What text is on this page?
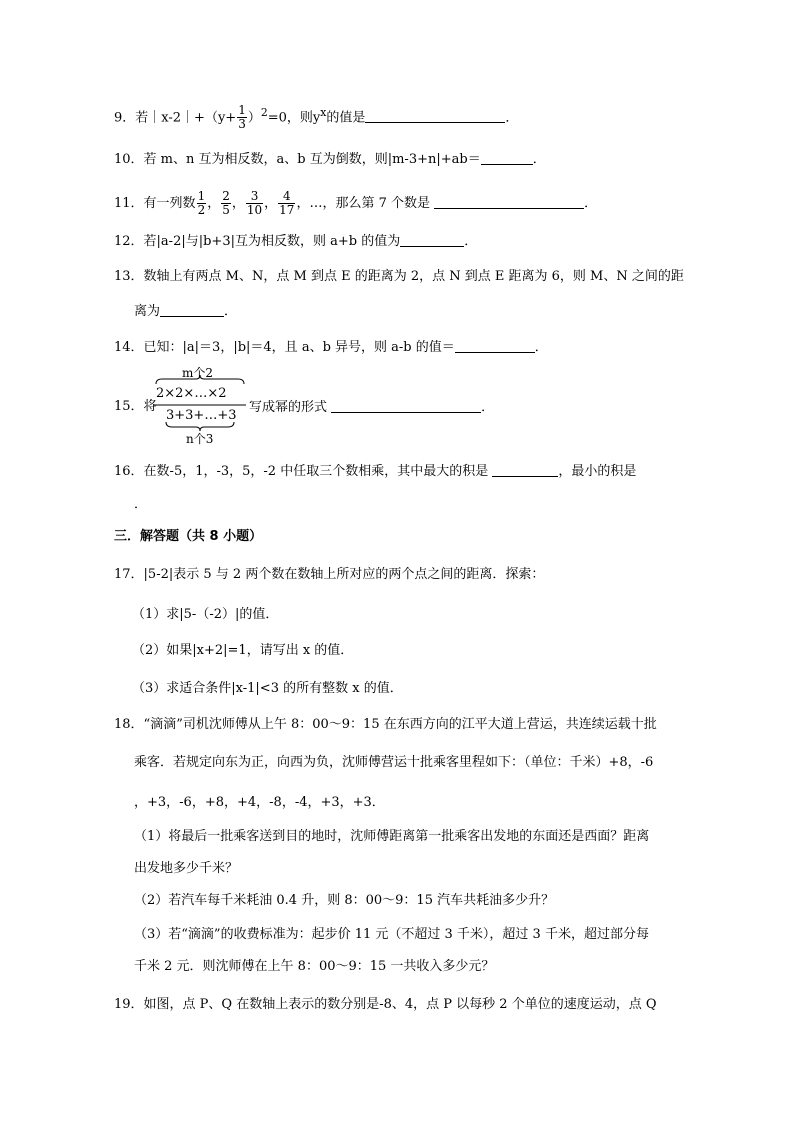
9．若｜x-2｜+（y+ $\frac{1}{3} )^2=0$，则$y^x$的值是	．
10．若 m、n 互为相反数，a、b 互为倒数，则|m-3+n|+ab＝	．
11．有一列数 $\frac{1}{2}$ ， $\frac{2}{5}$ ， $\frac{3}{10}$ ， $\frac{4}{17}$ ，…，那么第 7 个数是	．
12．若|a-2|与|b+3|互为相反数，则 a+b 的值为	．
13．数轴上有两点 M、N，点 M 到点 E 的距离为 2，点 N 到点 E 距离为 6，则 M、N 之间的距
离为	．
14．已知：|a|＝3，|b|＝4，且 a、b 异号，则 a-b 的值＝	．
15．将
m个2
2×2×…×2
3+3+…+3
n个3
写成幂的形式	．
16．在数-5，1，-3，5，-2 中任取三个数相乘，其中最大的积是	，最小的积是
．
三．解答题（共 8 小题）
17．|5-2|表示 5 与 2 两个数在数轴上所对应的两个点之间的距离．探索：
（1）求|5-（-2）|的值．
（2）如果|x+2|=1，请写出 x 的值．
（3）求适合条件|x-1|<3 的所有整数 x 的值．
18．“滴滴”司机沈师傅从上午 8：00～9：15 在东西方向的江平大道上营运，共连续运载十批
乘客．若规定向东为正，向西为负，沈师傅营运十批乘客里程如下：（单位：千米）+8，-6
，+3，-6，+8，+4，-8，-4，+3，+3．
（1）将最后一批乘客送到目的地时，沈师傅距离第一批乘客出发地的东面还是西面？距离
出发地多少千米？
（2）若汽车每千米耗油 0.4 升，则 8：00～9：15 汽车共耗油多少升？
（3）若“滴滴”的收费标准为：起步价 11 元（不超过 3 千米），超过 3 千米，超过部分每
千米 2 元．则沈师傅在上午 8：00～9：15 一共收入多少元？
19．如图，点 P、Q 在数轴上表示的数分别是-8、4，点 P 以每秒 2 个单位的速度运动，点 Q
